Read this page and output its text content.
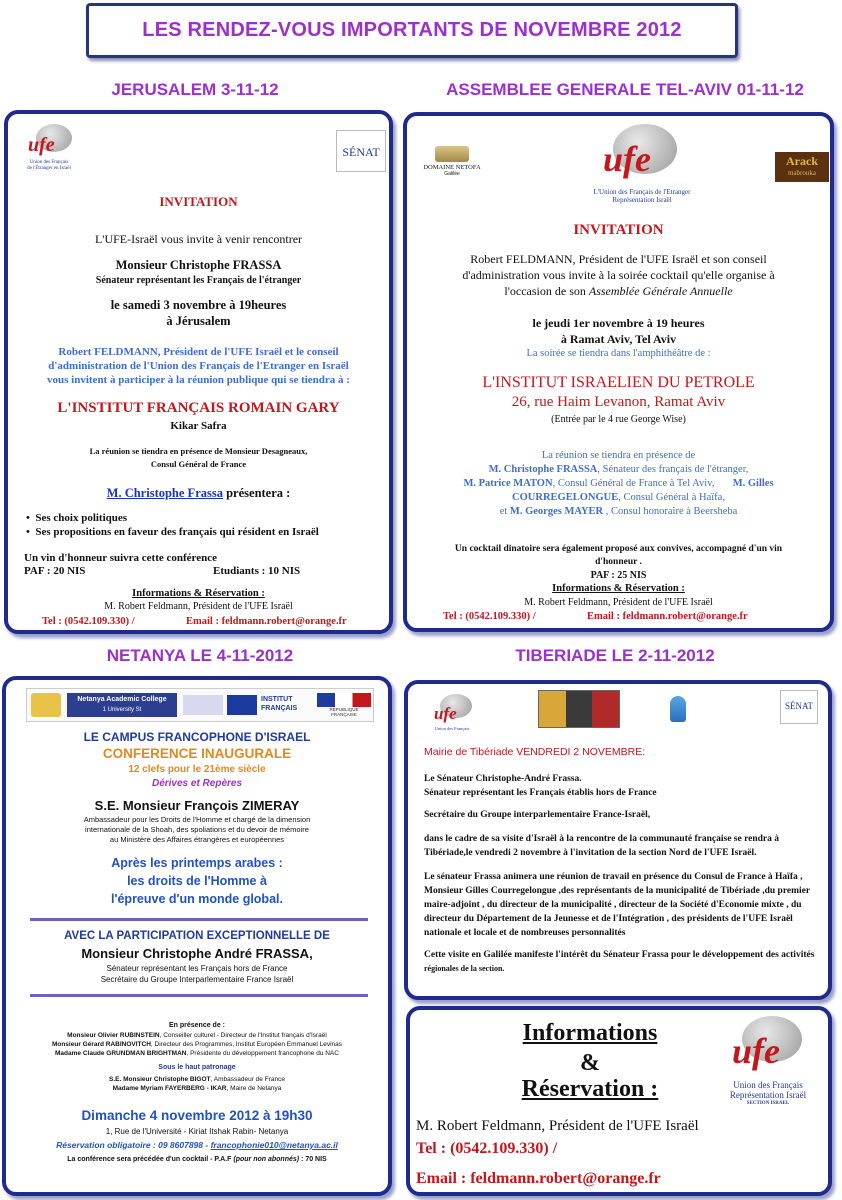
LES RENDEZ-VOUS IMPORTANTS DE NOVEMBRE 2012
JERUSALEM 3-11-12	ASSEMBLEE GENERALE TEL-AVIV 01-11-12
NETANYA LE 4-11-2012	TIBERIADE LE 2-11-2012
ufe
Union des Français
de l'Etranger en Israël
SÉNAT
INVITATION
L'UFE-Israël vous invite à venir rencontrer
Monsieur Christophe FRASSA
Sénateur représentant les Français de l'étranger
le samedi 3 novembre à 19heures
à Jérusalem
Robert FELDMANN, Président de l'UFE Israël et le conseil
d'administration de l'Union des Français de l'Etranger en Israël
vous invitent à participer à la réunion publique qui se tiendra à :
L'INSTITUT FRANÇAIS ROMAIN GARY
Kikar Safra
La réunion se tiendra en présence de Monsieur Desagneaux,
Consul Général de France
M. Christophe Frassa présentera :
•  Ses choix politiques
•  Ses propositions en faveur des français qui résident en Israël
Un vin d'honneur suivra cette conférence
PAF : 20 NIS	Etudiants : 10 NIS
Informations & Réservation :
M. Robert Feldmann, Président de l'UFE Israël
Tel : (0542.109.330) /	Email : feldmann.robert@orange.fr
DOMAINE NETOFA
Galilée	ufe
L'Union des Français de l'Etranger
Représentation Israël
Arack
mabrouka
INVITATION
Robert FELDMANN, Président de l'UFE Israël et son conseil
d'administration vous invite à la soirée cocktail qu'elle organise à
l'occasion de son Assemblée Générale Annuelle
le jeudi 1er novembre à 19 heures
à Ramat Aviv, Tel Aviv
La soirée se tiendra dans l'amphithéâtre de :
L'INSTITUT ISRAELIEN DU PETROLE
26, rue Haim Levanon, Ramat Aviv
(Entrée par le 4 rue George Wise)
La réunion se tiendra en présence de
M. Christophe FRASSA, Sénateur des français de l'étranger,
M. Patrice MATON, Consul Général de France à Tel Aviv, M. Gilles
COURREGELONGUE, Consul Général à Haïfa,
et M. Georges MAYER , Consul honoraire à Beersheba
Un cocktail dinatoire sera également proposé aux convives, accompagné d'un vin
d'honneur .
PAF : 25 NIS
Informations & Réservation :
M. Robert Feldmann, Président de l'UFE Israël
Tel : (0542.109.330) /	Email : feldmann.robert@orange.fr
Netanya Academic College
1 University St
INSTITUT FRANÇAIS	RÉPUBLIQUE FRANÇAISE
LE CAMPUS FRANCOPHONE D'ISRAEL
CONFERENCE INAUGURALE
12 clefs pour le 21ème siècle
Dérives et Repères
S.E. Monsieur François ZIMERAY
Ambassadeur pour les Droits de l'Homme et chargé de la dimension
internationale de la Shoah, des spoliations et du devoir de mémoire
au Ministère des Affaires étrangères et européennes
Après les printemps arabes :
les droits de l'Homme à
l'épreuve d'un monde global.
AVEC LA PARTICIPATION EXCEPTIONNELLE DE
Monsieur Christophe André FRASSA,
Sénateur représentant les Français hors de France
Secrétaire du Groupe Interparlementaire France Israël
En présence de :
Monsieur Olivier RUBINSTEIN, Conseiller culturel - Directeur de l'Institut français d'Israël
Monsieur Gérard RABINOVITCH, Directeur des Programmes, Institut Européen Emmanuel Levinas
Madame Claude GRUNDMAN BRIGHTMAN, Présidente du développement francophone du NAC
Sous le haut patronage
S.E. Monsieur Christophe BIGOT, Ambassadeur de France
Madame Myriam FAYERBERG - IKAR, Maire de Netanya
Dimanche 4 novembre 2012 à 19h30
1, Rue de l'Université - Kiriat Itshak Rabin- Netanya
Réservation obligatoire : 09 8607898 - francophonie010@netanya.ac.il
La conférence sera précédée d'un cocktail - P.A.F (pour non abonnés) : 70 NIS
ufe
Union des Français
SÉNAT
Mairie de Tibériade VENDREDI 2 NOVEMBRE:
Le Sénateur Christophe-André Frassa.
Sénateur représentant les Français établis hors de France
Secrétaire du Groupe interparlementaire France-Israël,
dans le cadre de sa visite d'Israël à la rencontre de la communauté française se rendra à
Tibériade,le vendredi 2 novembre à l'invitation de la section Nord de l'UFE Israël.
Le sénateur Frassa animera une réunion de travail en présence du Consul de France à Haïfa ,
Monsieur Gilles Courregelongue ,des représentants de la municipalité de Tibériade ,du premier
maire-adjoint , du directeur de la municipalité , directeur de la Société d'Economie mixte , du
directeur du Département de la Jeunesse et de l'Intégration , des présidents de l'UFE Israël
nationale et locale et de nombreuses personnalités
Cette visite en Galilée manifeste l'intérêt du Sénateur Frassa pour le développement des activités
régionales de la section.
Informations
&
Réservation :
ufe
Union des Français
Représentation Israël
SECTION ISRAEL
M. Robert Feldmann, Président de l'UFE Israël
Tel : (0542.109.330) /
Email : feldmann.robert@orange.fr
